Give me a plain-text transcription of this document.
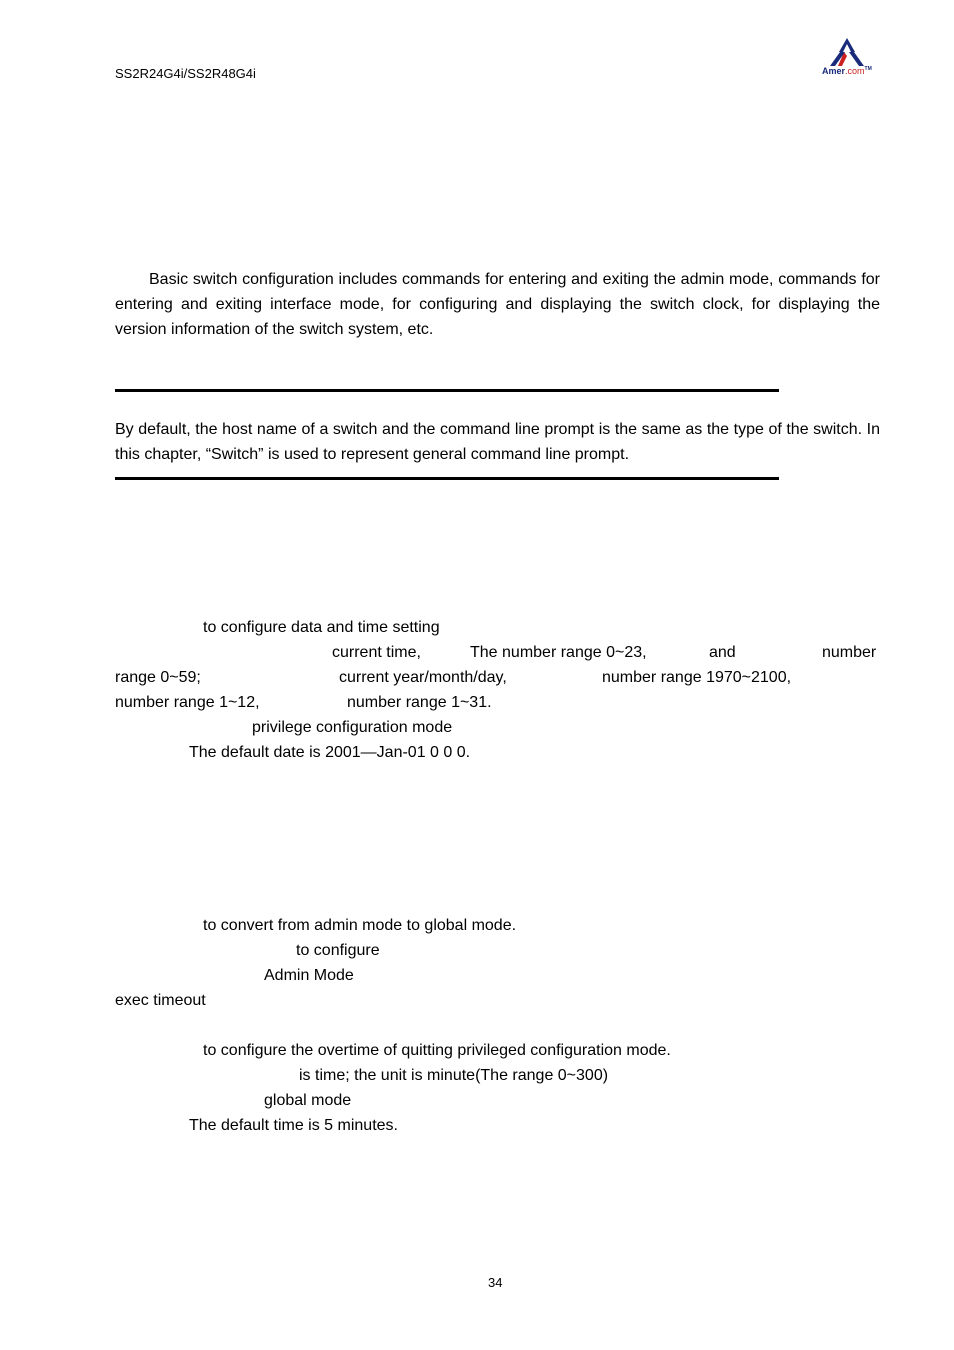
SS2R24G4i/SS2R48G4i	Amer.com™
Basic switch configuration includes commands for entering and exiting the admin mode, commands for entering and exiting interface mode, for configuring and displaying the switch clock, for displaying the version information of the switch system, etc.
By default, the host name of a switch and the command line prompt is the same as the type of the switch. In this chapter, “Switch” is used to represent general command line prompt.
to configure data and time setting
current time,	The number range 0~23,	and	number
range 0~59;	current year/month/day,	number range 1970~2100,
number range 1~12,	number range 1~31.
privilege configuration mode
The default date is 2001—Jan-01 0 0 0.
to convert from admin mode to global mode.
to configure
Admin Mode
exec timeout
to configure the overtime of quitting privileged configuration mode.
is time; the unit is minute(The range 0~300)
global mode
The default time is 5 minutes.
34
